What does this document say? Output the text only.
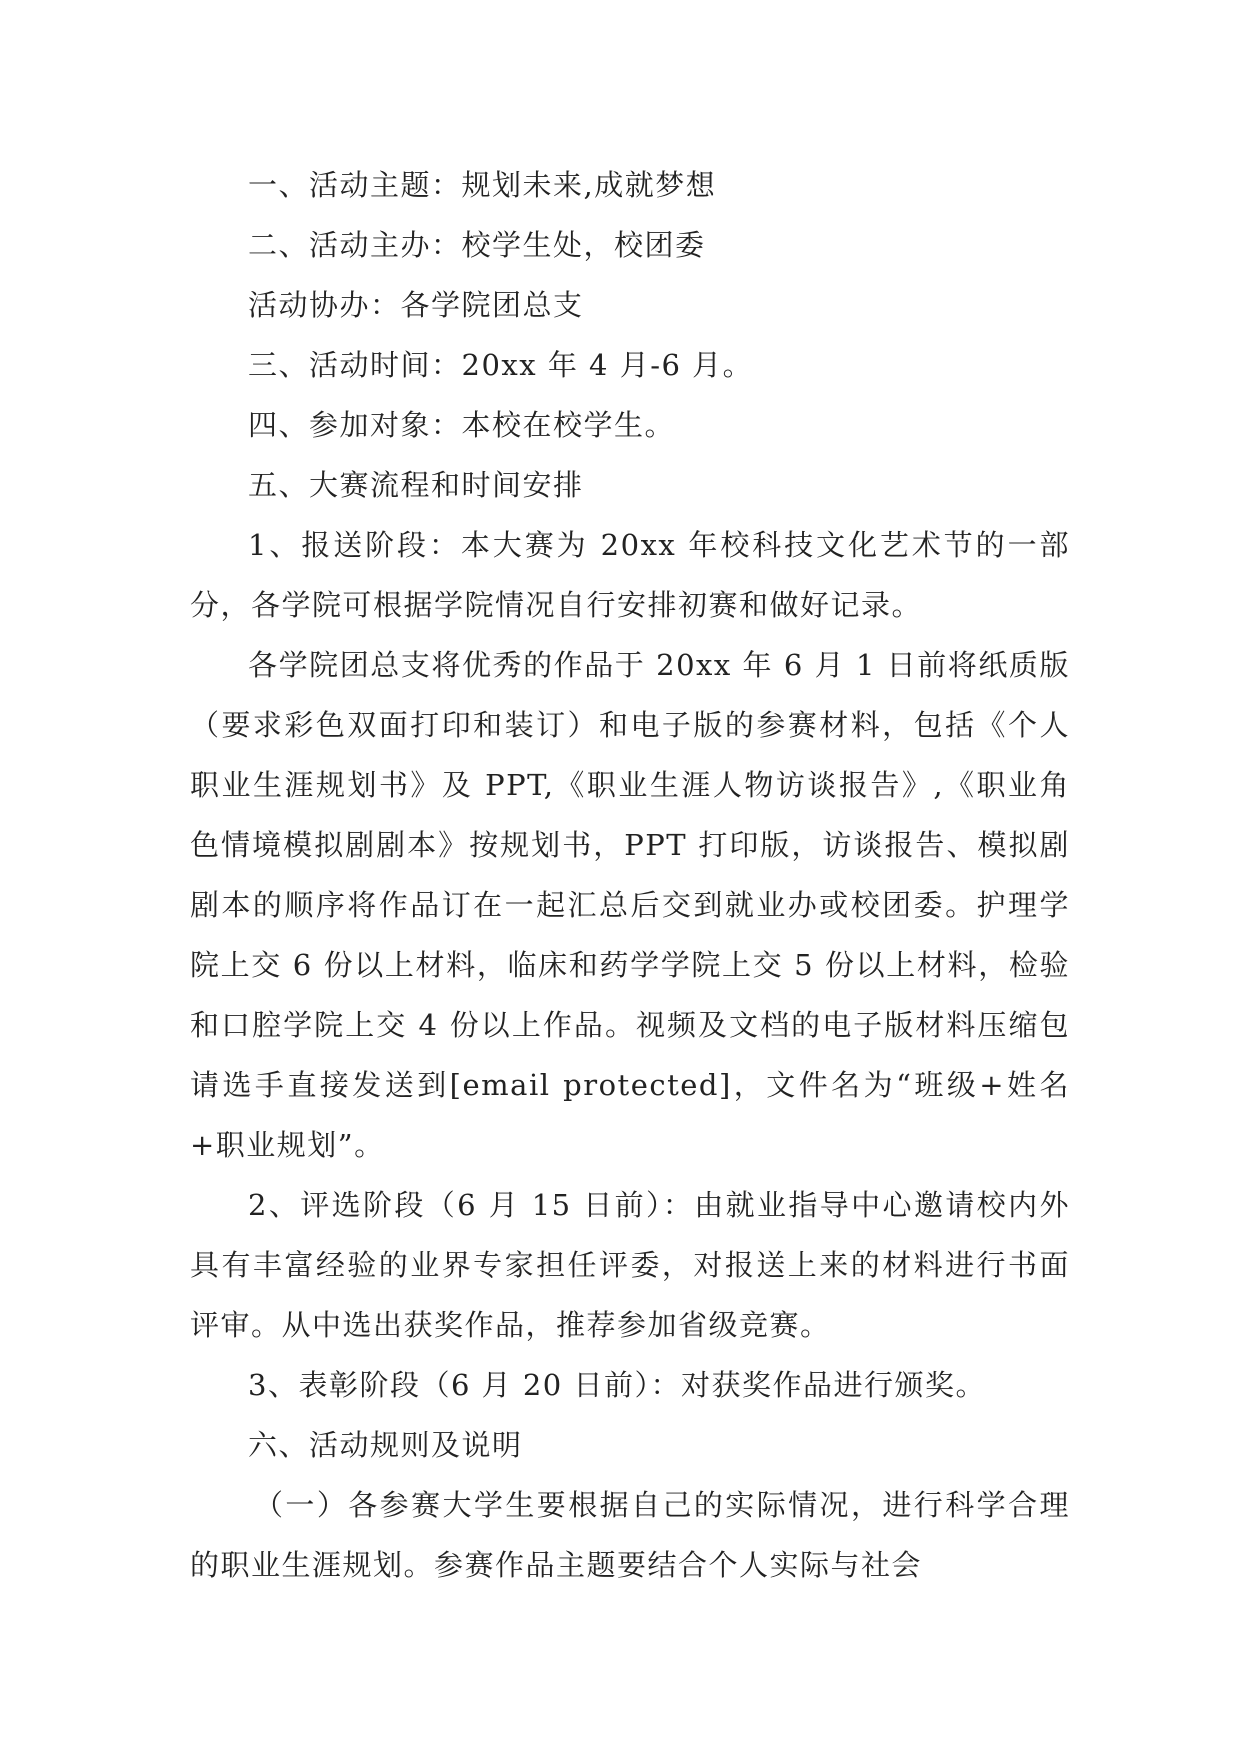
一、活动主题：规划未来,成就梦想

二、活动主办：校学生处，校团委

活动协办：各学院团总支

三、活动时间：20xx 年 4 月-6 月。

四、参加对象：本校在校学生。

五、大赛流程和时间安排

1、报送阶段：本大赛为 20xx 年校科技文化艺术节的一部分，各学院可根据学院情况自行安排初赛和做好记录。

各学院团总支将优秀的作品于 20xx 年 6 月 1 日前将纸质版（要求彩色双面打印和装订）和电子版的参赛材料，包括《个人职业生涯规划书》及 PPT,《职业生涯人物访谈报告》,《职业角色情境模拟剧剧本》按规划书，PPT 打印版，访谈报告、模拟剧剧本的顺序将作品订在一起汇总后交到就业办或校团委。护理学院上交 6 份以上材料，临床和药学学院上交 5 份以上材料，检验和口腔学院上交 4 份以上作品。视频及文档的电子版材料压缩包请选手直接发送到[email protected]，文件名为“班级+姓名+职业规划”。

2、评选阶段（6 月 15 日前）：由就业指导中心邀请校内外具有丰富经验的业界专家担任评委，对报送上来的材料进行书面评审。从中选出获奖作品，推荐参加省级竞赛。

3、表彰阶段（6 月 20 日前）：对获奖作品进行颁奖。

六、活动规则及说明

（一）各参赛大学生要根据自己的实际情况，进行科学合理的职业生涯规划。参赛作品主题要结合个人实际与社会
